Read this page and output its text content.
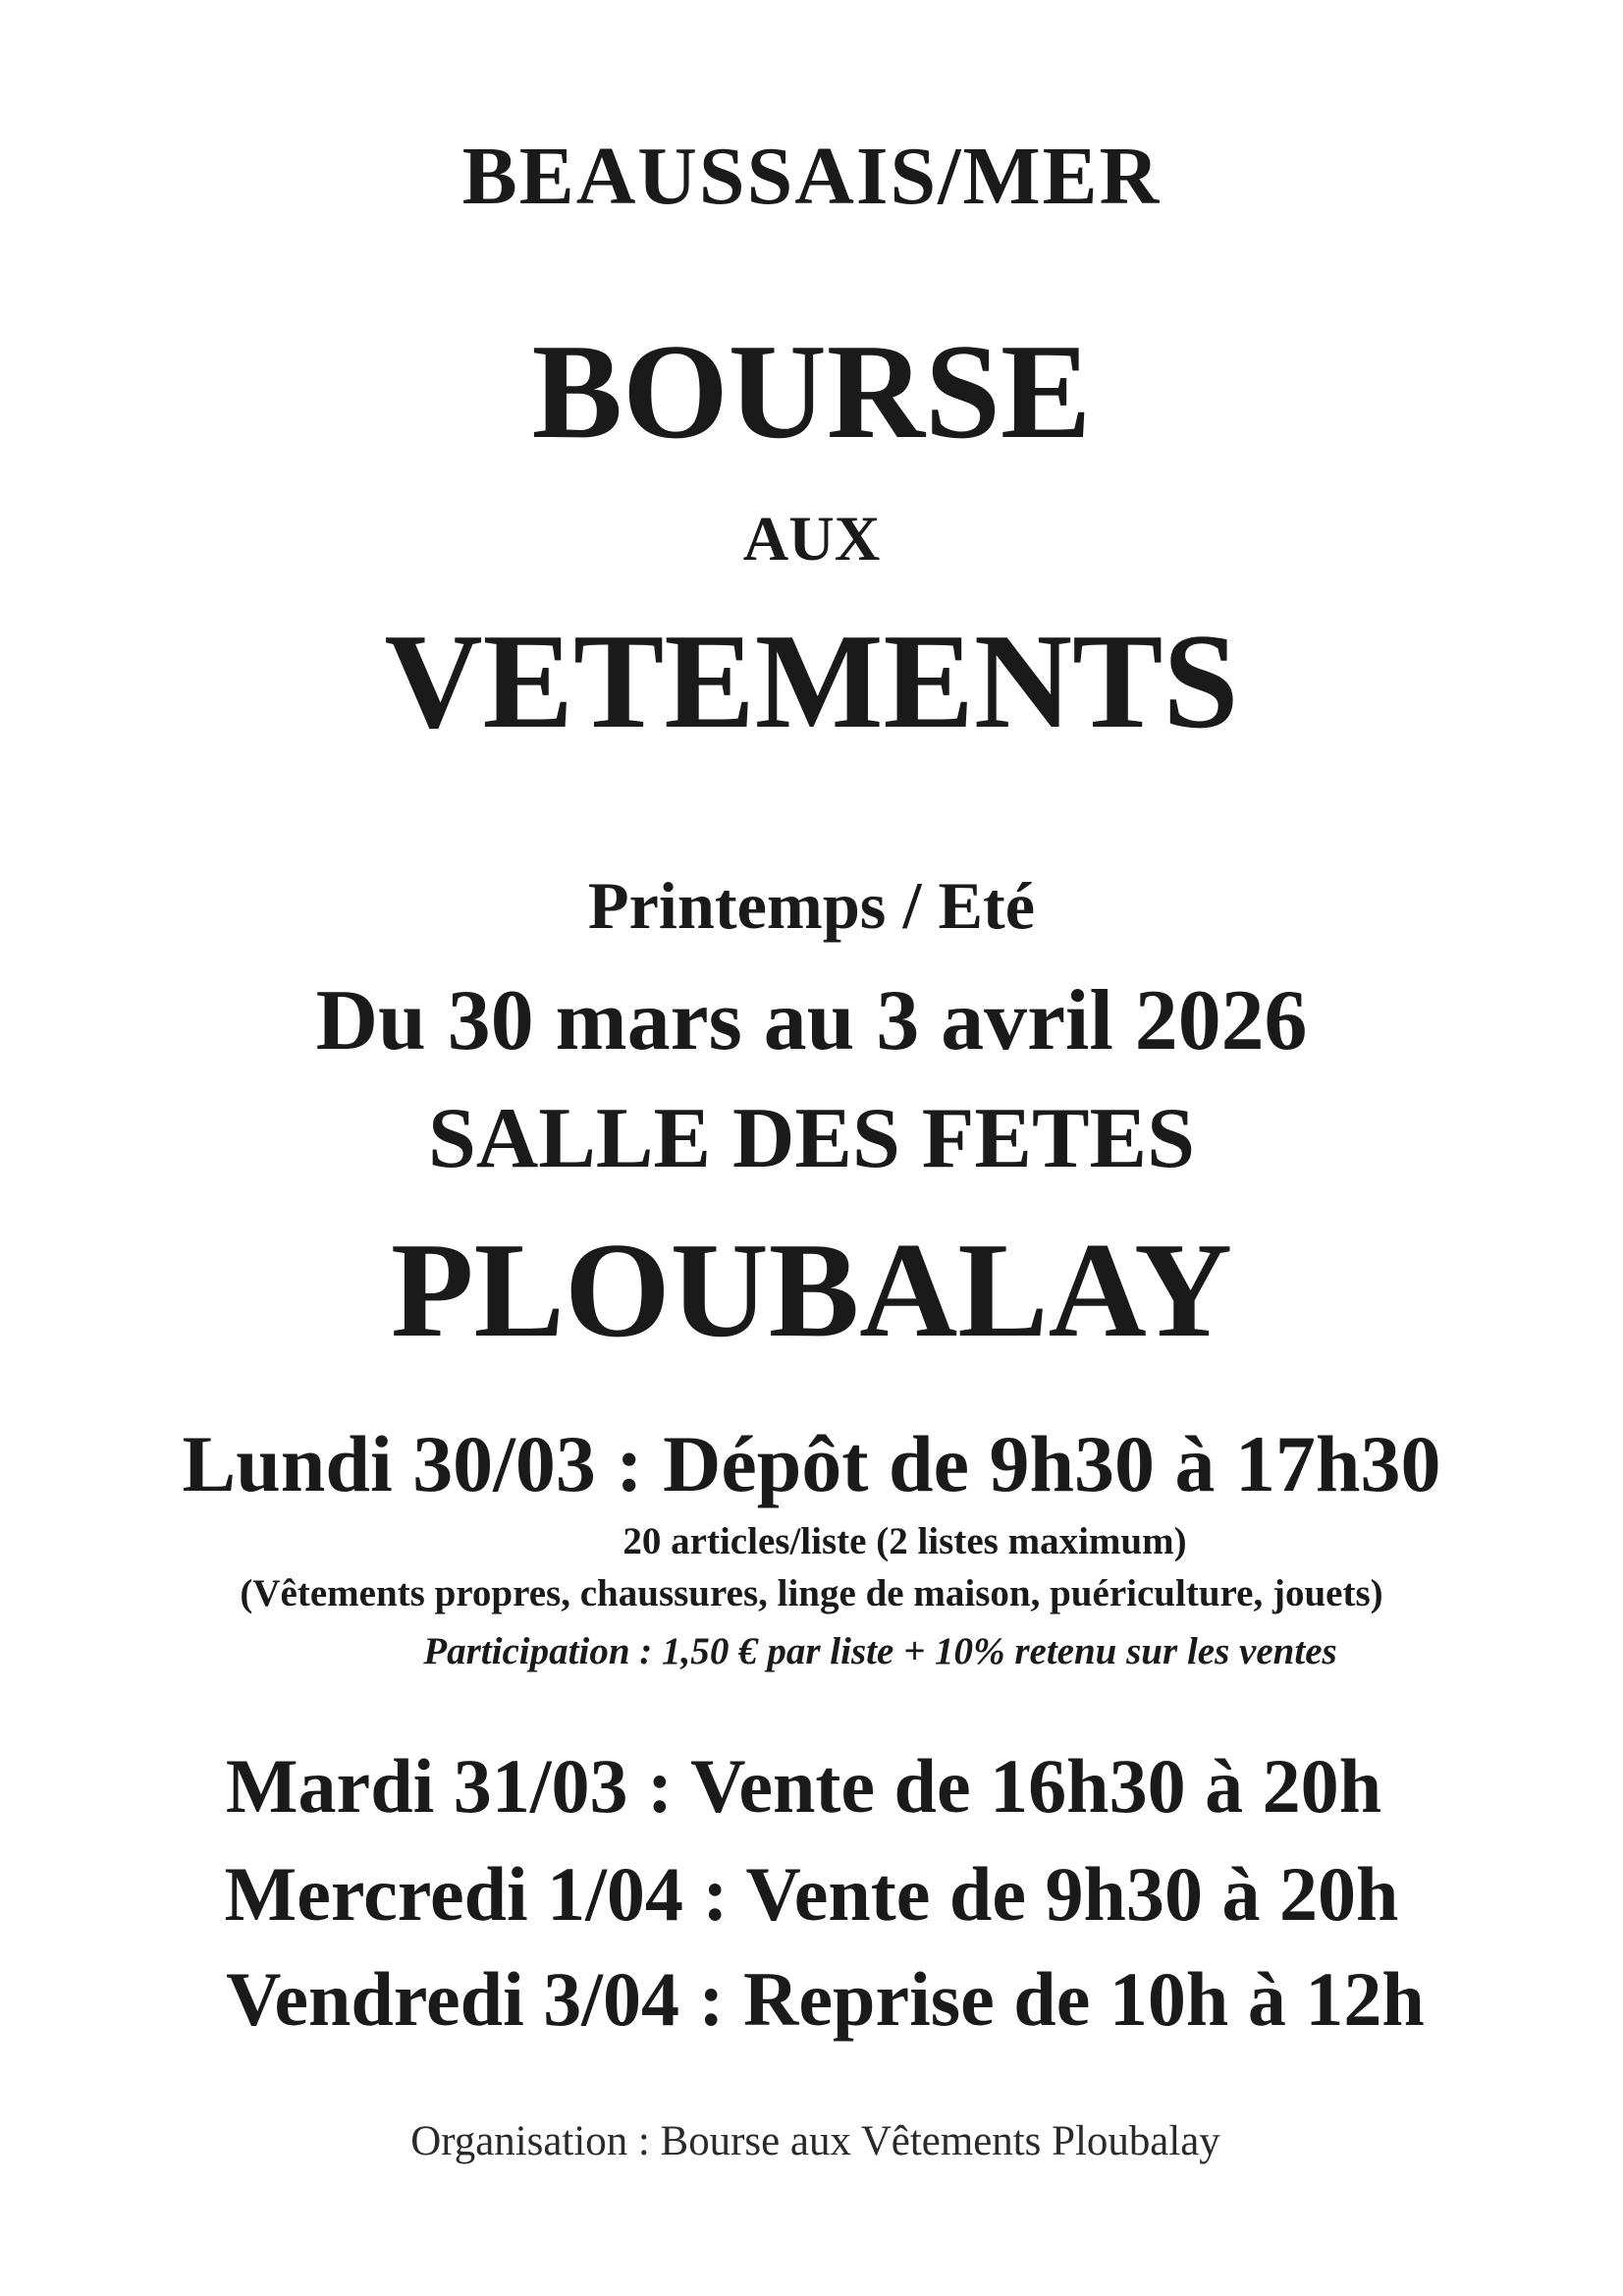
BEAUSSAIS/MER
BOURSE
AUX
VETEMENTS
Printemps / Eté
Du 30 mars au 3 avril 2026
SALLE DES FETES
PLOUBALAY
Lundi 30/03 : Dépôt de 9h30 à 17h30
20 articles/liste (2 listes maximum)
(Vêtements propres, chaussures, linge de maison, puériculture, jouets)
Participation : 1,50 € par liste + 10% retenu sur les ventes
Mardi 31/03 : Vente de 16h30 à 20h
Mercredi 1/04 : Vente de 9h30 à 20h
Vendredi 3/04 : Reprise de 10h à 12h
Organisation : Bourse aux Vêtements Ploubalay
